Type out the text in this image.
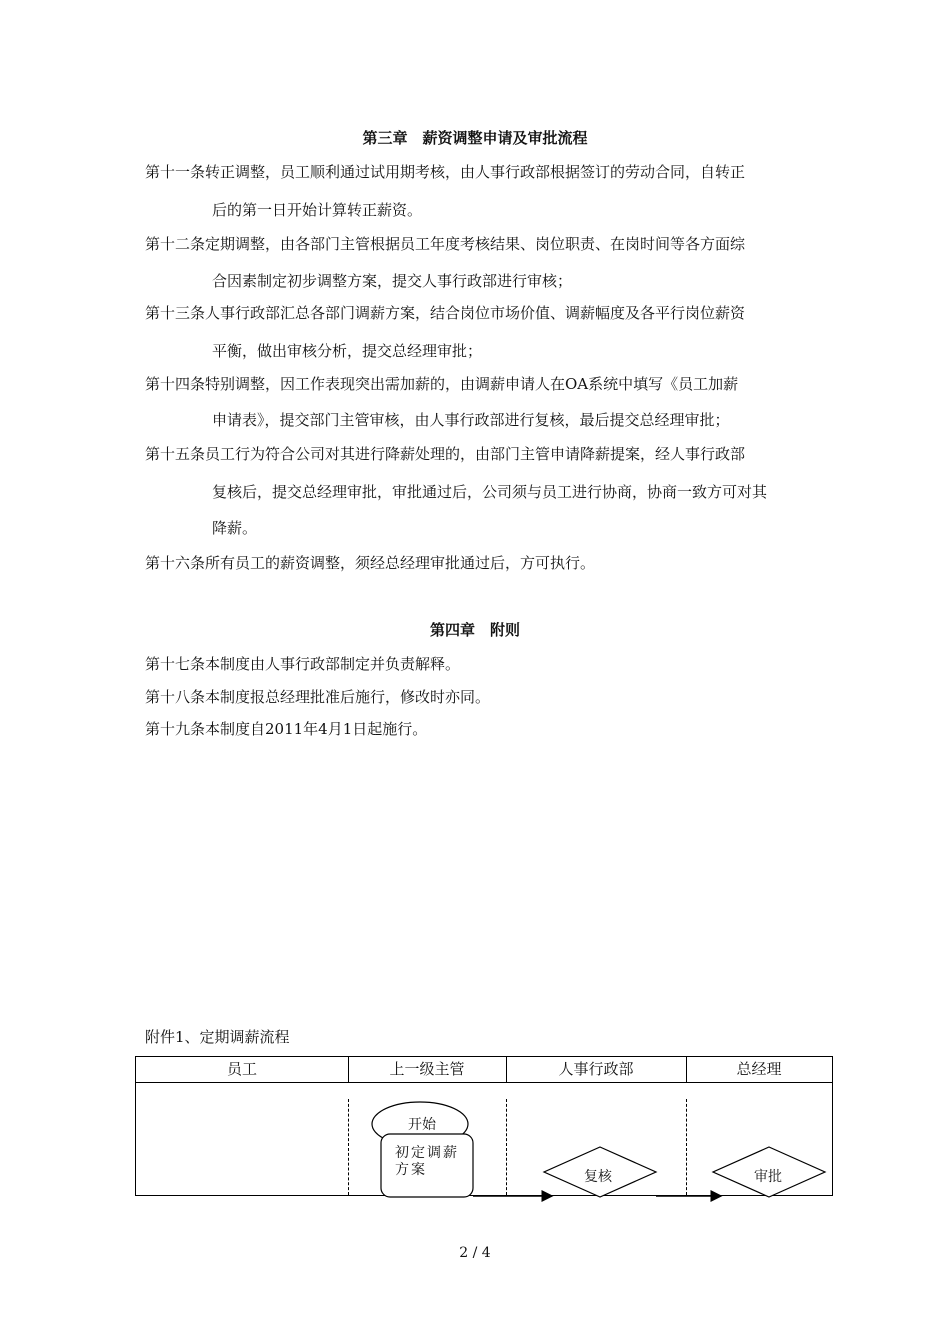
第三章　薪资调整申请及审批流程
第十一条转正调整，员工顺利通过试用期考核，由人事行政部根据签订的劳动合同，自转正
后的第一日开始计算转正薪资。
第十二条定期调整，由各部门主管根据员工年度考核结果、岗位职责、在岗时间等各方面综
合因素制定初步调整方案，提交人事行政部进行审核；
第十三条人事行政部汇总各部门调薪方案，结合岗位市场价值、调薪幅度及各平行岗位薪资
平衡，做出审核分析，提交总经理审批；
第十四条特别调整，因工作表现突出需加薪的，由调薪申请人在OA系统中填写《员工加薪
申请表》，提交部门主管审核，由人事行政部进行复核，最后提交总经理审批；
第十五条员工行为符合公司对其进行降薪处理的，由部门主管申请降薪提案，经人事行政部
复核后，提交总经理审批，审批通过后，公司须与员工进行协商，协商一致方可对其
降薪。
第十六条所有员工的薪资调整，须经总经理审批通过后，方可执行。
第四章　附则
第十七条本制度由人事行政部制定并负责解释。
第十八条本制度报总经理批准后施行，修改时亦同。
第十九条本制度自2011年4月1日起施行。
附件1、定期调薪流程
员工	上一级主管	人事行政部	总经理
开始
初定调薪
方案	复核	审批
2 / 4
